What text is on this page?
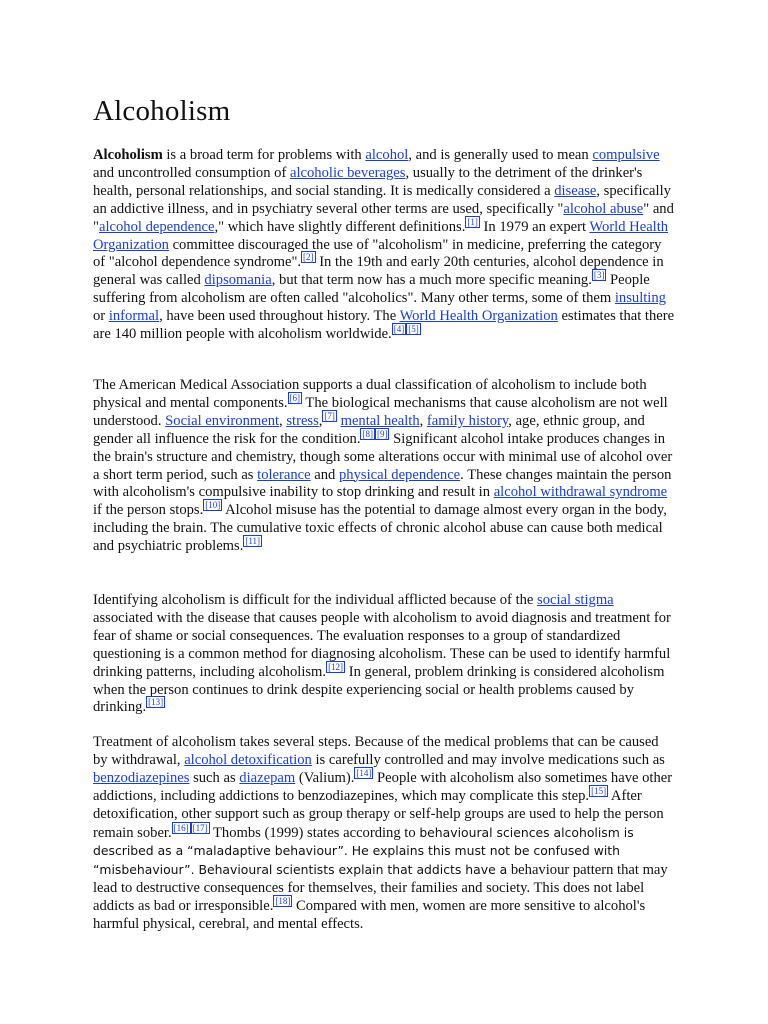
Alcoholism

Alcoholism is a broad term for problems with alcohol, and is generally used to mean compulsive and uncontrolled consumption of alcoholic beverages, usually to the detriment of the drinker's health, personal relationships, and social standing. It is medically considered a disease, specifically an addictive illness, and in psychiatry several other terms are used, specifically "alcohol abuse" and "alcohol dependence," which have slightly different definitions. [1] In 1979 an expert World Health Organization committee discouraged the use of "alcoholism" in medicine, preferring the category of "alcohol dependence syndrome". [2] In the 19th and early 20th centuries, alcohol dependence in general was called dipsomania, but that term now has a much more specific meaning. [3] People suffering from alcoholism are often called "alcoholics". Many other terms, some of them insulting or informal, have been used throughout history. The World Health Organization estimates that there are 140 million people with alcoholism worldwide. [4] [5]

The American Medical Association supports a dual classification of alcoholism to include both physical and mental components. [6] The biological mechanisms that cause alcoholism are not well understood. Social environment, stress, [7] mental health, family history, age, ethnic group, and gender all influence the risk for the condition. [8] [9] Significant alcohol intake produces changes in the brain's structure and chemistry, though some alterations occur with minimal use of alcohol over a short term period, such as tolerance and physical dependence. These changes maintain the person with alcoholism's compulsive inability to stop drinking and result in alcohol withdrawal syndrome if the person stops. [10] Alcohol misuse has the potential to damage almost every organ in the body, including the brain. The cumulative toxic effects of chronic alcohol abuse can cause both medical and psychiatric problems. [11]

Identifying alcoholism is difficult for the individual afflicted because of the social stigma associated with the disease that causes people with alcoholism to avoid diagnosis and treatment for fear of shame or social consequences. The evaluation responses to a group of standardized questioning is a common method for diagnosing alcoholism. These can be used to identify harmful drinking patterns, including alcoholism. [12] In general, problem drinking is considered alcoholism when the person continues to drink despite experiencing social or health problems caused by drinking. [13]

Treatment of alcoholism takes several steps. Because of the medical problems that can be caused by withdrawal, alcohol detoxification is carefully controlled and may involve medications such as benzodiazepines such as diazepam (Valium). [14] People with alcoholism also sometimes have other addictions, including addictions to benzodiazepines, which may complicate this step. [15] After detoxification, other support such as group therapy or self-help groups are used to help the person remain sober. [16] [17] Thombs (1999) states according to behavioural sciences alcoholism is described as a “maladaptive behaviour”. He explains this must not be confused with “misbehaviour”. Behavioural scientists explain that addicts have a behaviour pattern that may lead to destructive consequences for themselves, their families and society. This does not label addicts as bad or irresponsible. [18] Compared with men, women are more sensitive to alcohol's harmful physical, cerebral, and mental effects.
